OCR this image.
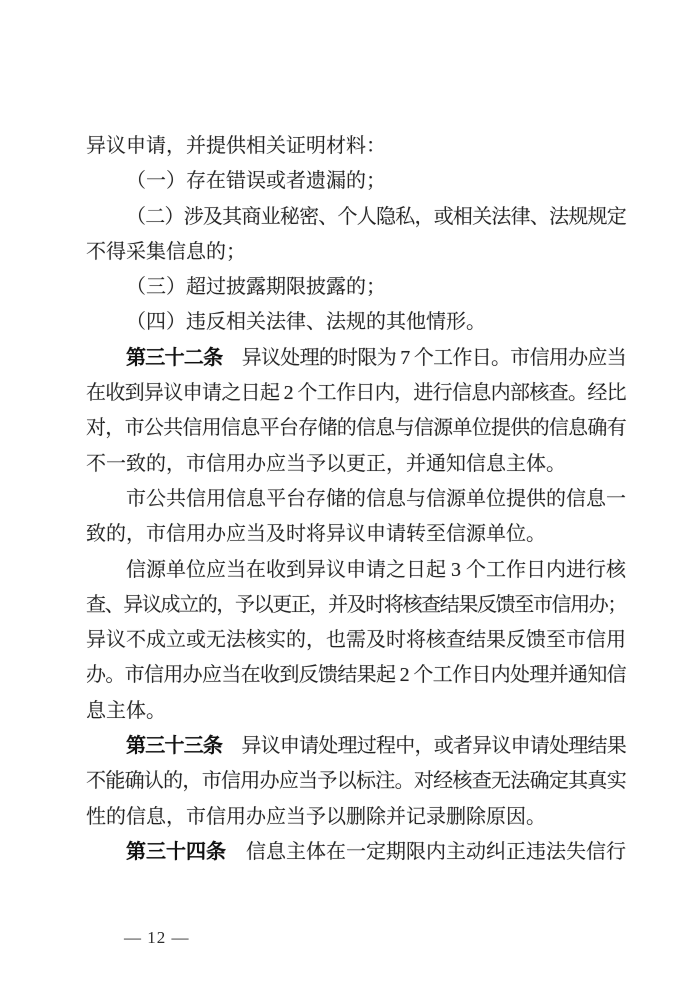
异议申请，并提供相关证明材料：
（一）存在错误或者遗漏的；
（二）涉及其商业秘密、个人隐私，或相关法律、法规规定
不得采集信息的；
（三）超过披露期限披露的；
（四）违反相关法律、法规的其他情形。
第三十二条　异议处理的时限为 7 个工作日。市信用办应当
在收到异议申请之日起 2 个工作日内，进行信息内部核查。经比
对，市公共信用信息平台存储的信息与信源单位提供的信息确有
不一致的，市信用办应当予以更正，并通知信息主体。
市公共信用信息平台存储的信息与信源单位提供的信息一
致的，市信用办应当及时将异议申请转至信源单位。
信源单位应当在收到异议申请之日起 3 个工作日内进行核
查、异议成立的，予以更正，并及时将核查结果反馈至市信用办；
异议不成立或无法核实的，也需及时将核查结果反馈至市信用
办。市信用办应当在收到反馈结果起 2 个工作日内处理并通知信
息主体。
第三十三条　异议申请处理过程中，或者异议申请处理结果
不能确认的，市信用办应当予以标注。对经核查无法确定其真实
性的信息，市信用办应当予以删除并记录删除原因。
第三十四条　信息主体在一定期限内主动纠正违法失信行

— 12 —
